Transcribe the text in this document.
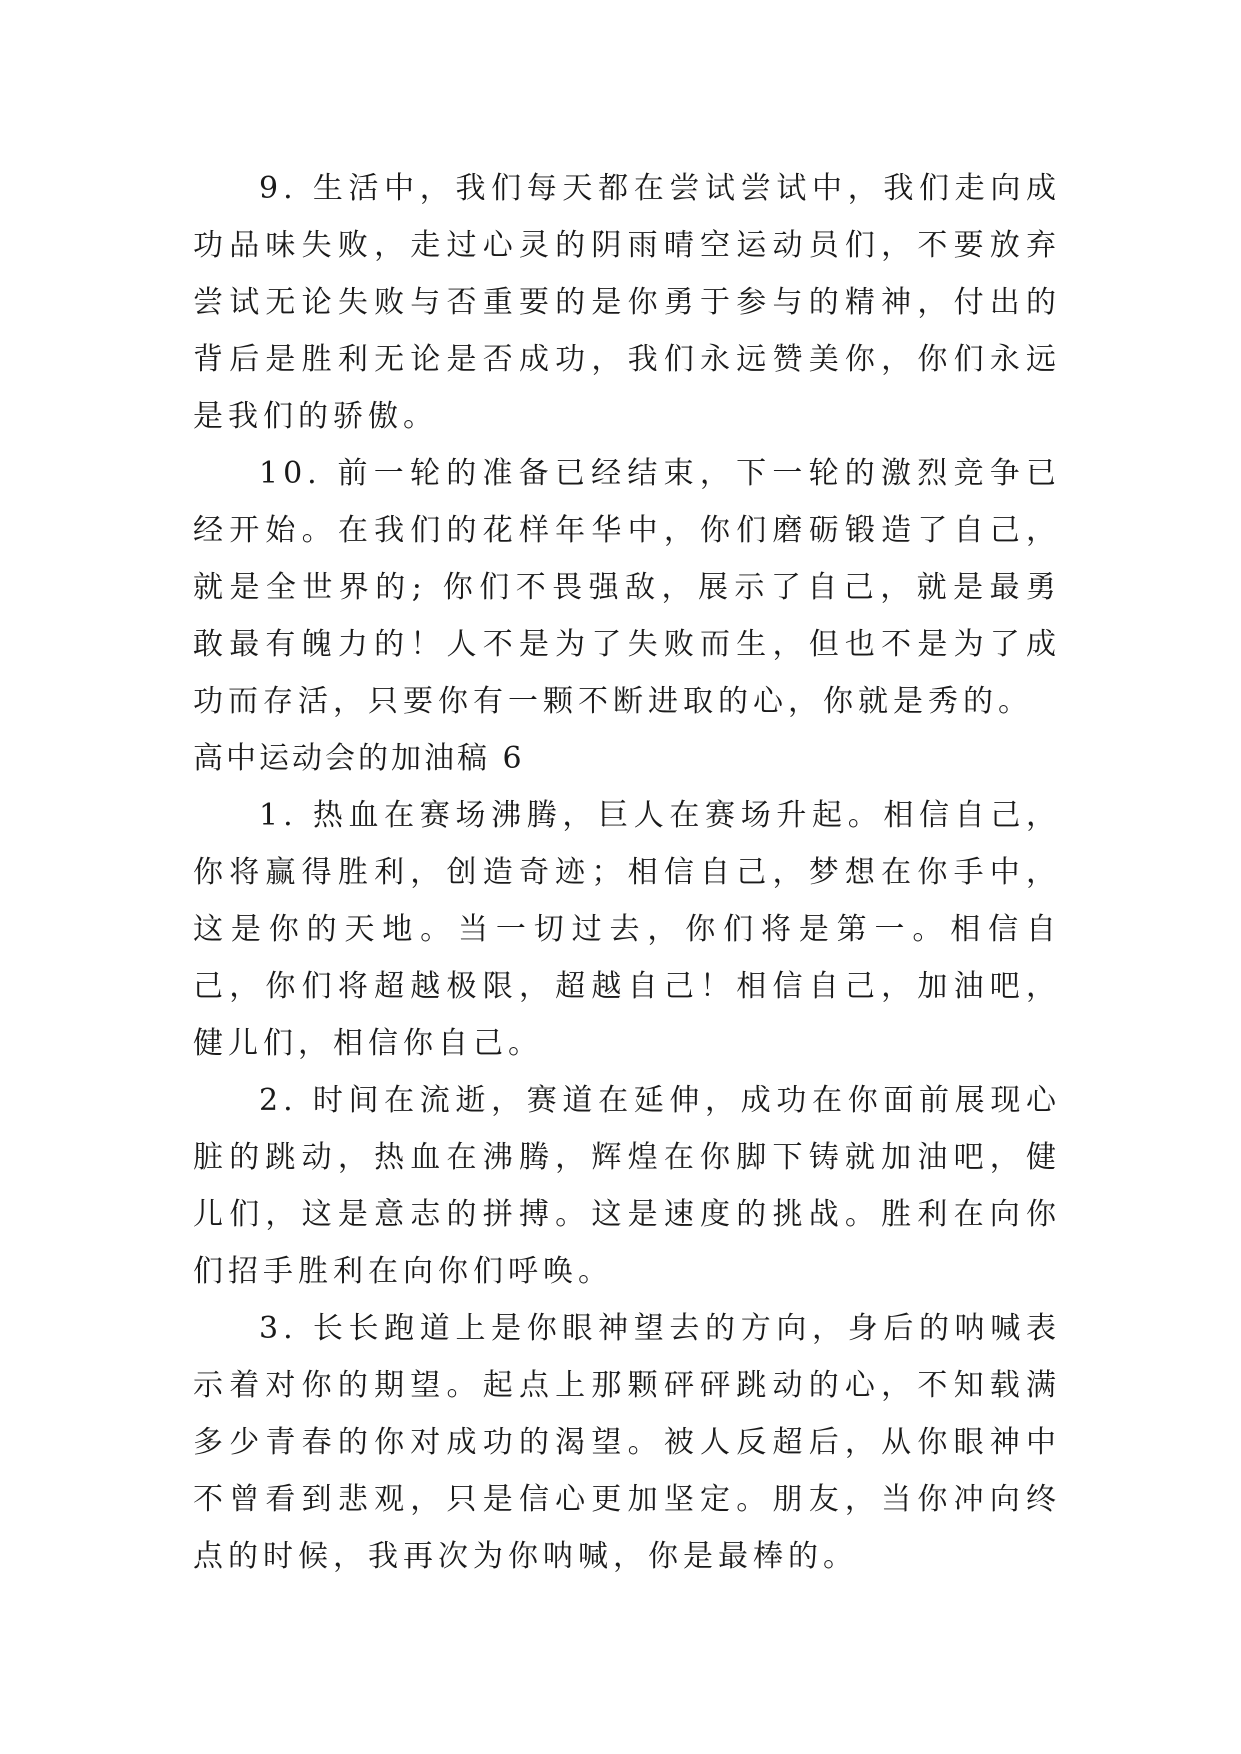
9. 生活中，我们每天都在尝试尝试中，我们走向成功品味失败，走过心灵的阴雨晴空运动员们，不要放弃尝试无论失败与否重要的是你勇于参与的精神，付出的背后是胜利无论是否成功，我们永远赞美你，你们永远是我们的骄傲。

10. 前一轮的准备已经结束，下一轮的激烈竞争已经开始。在我们的花样年华中，你们磨砺锻造了自己，就是全世界的; 你们不畏强敌，展示了自己，就是最勇敢最有魄力的！人不是为了失败而生，但也不是为了成功而存活，只要你有一颗不断进取的心，你就是秀的。

高中运动会的加油稿 6

1. 热血在赛场沸腾，巨人在赛场升起。相信自己，你将赢得胜利，创造奇迹；相信自己，梦想在你手中，这是你的天地。当一切过去，你们将是第一。相信自己，你们将超越极限，超越自己！相信自己，加油吧，健儿们，相信你自己。

2. 时间在流逝，赛道在延伸，成功在你面前展现心脏的跳动，热血在沸腾，辉煌在你脚下铸就加油吧，健儿们，这是意志的拼搏。这是速度的挑战。胜利在向你们招手胜利在向你们呼唤。

3. 长长跑道上是你眼神望去的方向，身后的呐喊表示着对你的期望。起点上那颗砰砰跳动的心，不知载满多少青春的你对成功的渴望。被人反超后，从你眼神中不曾看到悲观，只是信心更加坚定。朋友，当你冲向终点的时候，我再次为你呐喊，你是最棒的。
